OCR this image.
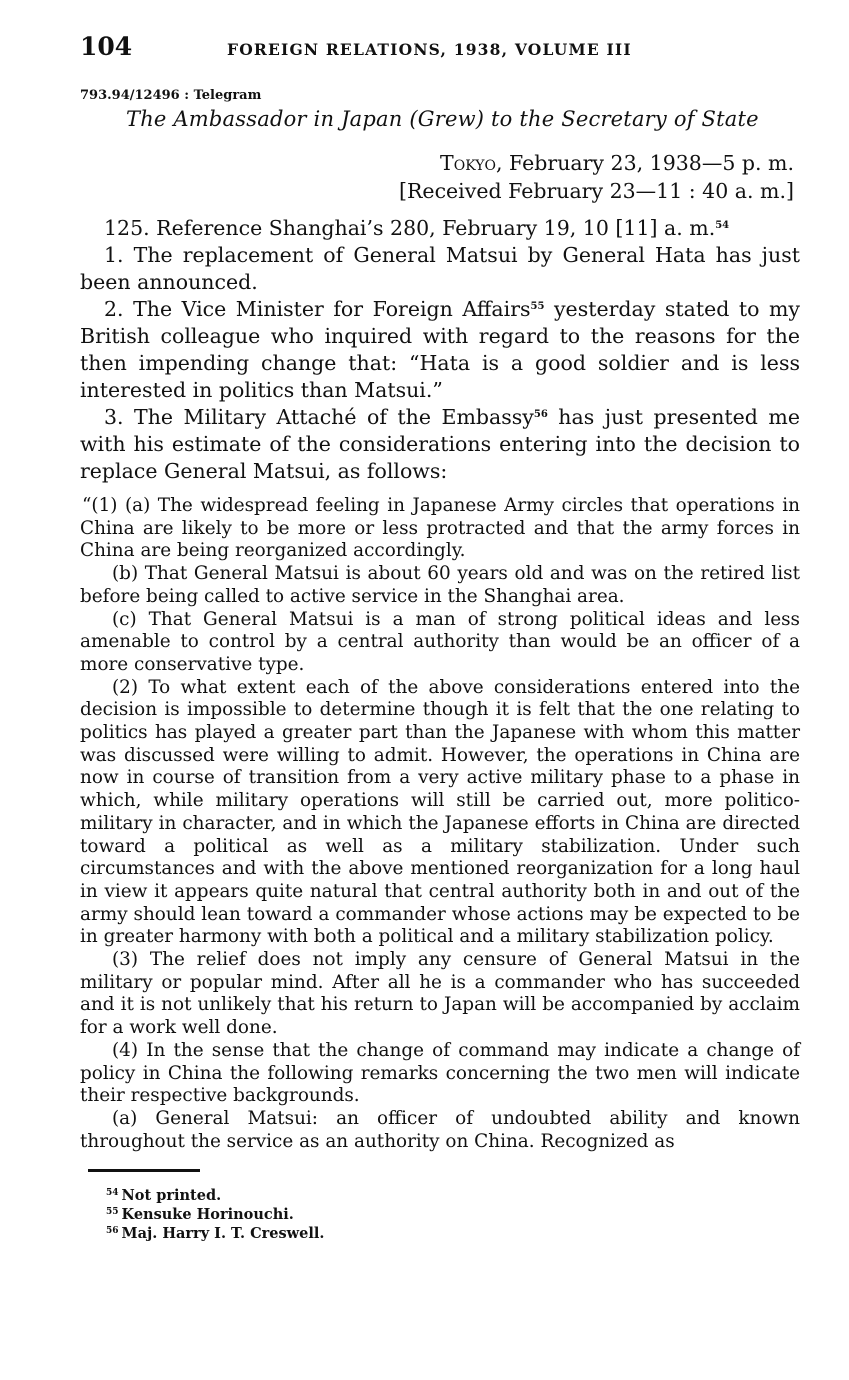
104	FOREIGN RELATIONS, 1938, VOLUME III
793.94/12496 : Telegram
The Ambassador in Japan (Grew) to the Secretary of State
Tokyo, February 23, 1938—5 p. m.
[Received February 23—11 : 40 a. m.]

125. Reference Shanghai’s 280, February 19, 10 [11] a. m.$^{54}$

1. The replacement of General Matsui by General Hata has just been announced.

2. The Vice Minister for Foreign Affairs$^{55}$ yesterday stated to my British colleague who inquired with regard to the reasons for the then impending change that: “Hata is a good soldier and is less interested in politics than Matsui.”

3. The Military Attaché of the Embassy$^{56}$ has just presented me with his estimate of the considerations entering into the decision to replace General Matsui, as follows:

“(1) (a) The widespread feeling in Japanese Army circles that operations in China are likely to be more or less protracted and that the army forces in China are being reorganized accordingly.

(b) That General Matsui is about 60 years old and was on the retired list before being called to active service in the Shanghai area.

(c) That General Matsui is a man of strong political ideas and less amenable to control by a central authority than would be an officer of a more conservative type.

(2) To what extent each of the above considerations entered into the decision is impossible to determine though it is felt that the one relating to politics has played a greater part than the Japanese with whom this matter was discussed were willing to admit. However, the operations in China are now in course of transition from a very active military phase to a phase in which, while military operations will still be carried out, more politico-military in character, and in which the Japanese efforts in China are directed toward a political as well as a military stabilization. Under such circumstances and with the above mentioned reorganization for a long haul in view it appears quite natural that central authority both in and out of the army should lean toward a commander whose actions may be expected to be in greater harmony with both a political and a military stabilization policy.

(3) The relief does not imply any censure of General Matsui in the military or popular mind. After all he is a commander who has succeeded and it is not unlikely that his return to Japan will be accompanied by acclaim for a work well done.

(4) In the sense that the change of command may indicate a change of policy in China the following remarks concerning the two men will indicate their respective backgrounds.

(a) General Matsui: an officer of undoubted ability and known throughout the service as an authority on China. Recognized as

$^{54}$ Not printed.
$^{55}$ Kensuke Horinouchi.
$^{56}$ Maj. Harry I. T. Creswell.
